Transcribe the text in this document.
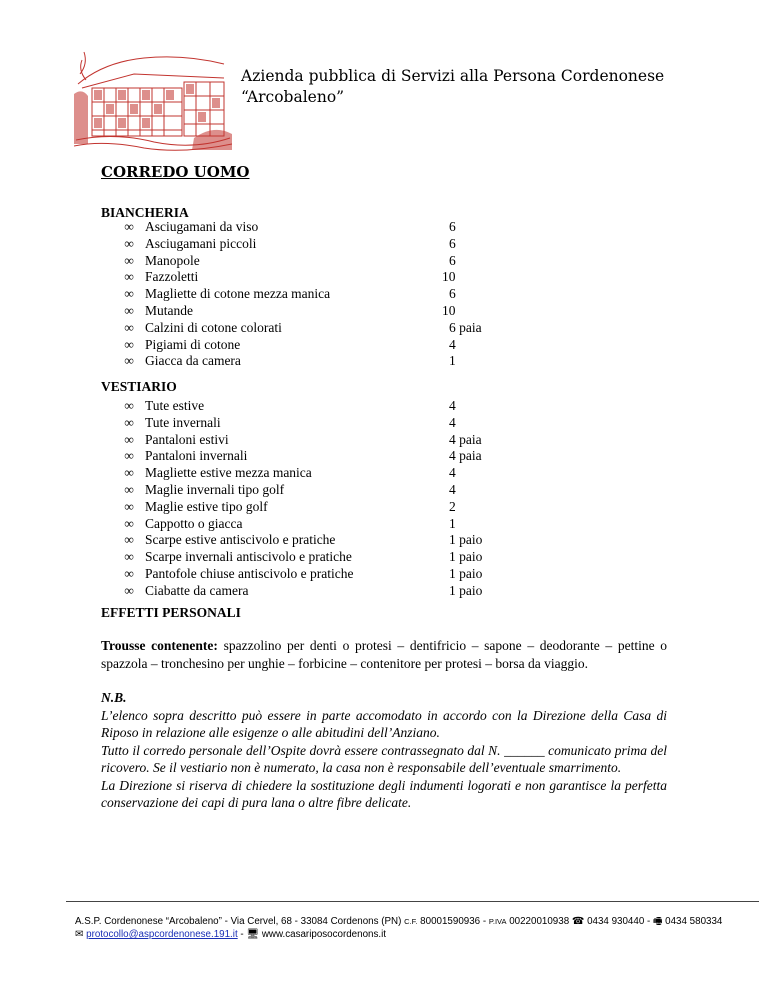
Azienda pubblica di Servizi alla Persona Cordenonese
“Arcobaleno”
CORREDO UOMO
BIANCHERIA
∞ Asciugamani da viso	6
∞ Asciugamani piccoli	6
∞ Manopole	6
∞ Fazzoletti	10
∞ Magliette di cotone mezza manica	6
∞ Mutande	10
∞ Calzini di cotone colorati	6 paia
∞ Pigiami di cotone	4
∞ Giacca da camera	1
VESTIARIO
∞ Tute estive	4
∞ Tute invernali	4
∞ Pantaloni estivi	4 paia
∞ Pantaloni invernali	4 paia
∞ Magliette estive mezza manica	4
∞ Maglie invernali tipo golf	4
∞ Maglie estive tipo golf	2
∞ Cappotto o giacca	1
∞ Scarpe estive antiscivolo e pratiche	1 paio
∞ Scarpe invernali antiscivolo e pratiche	1 paio
∞ Pantofole chiuse antiscivolo e pratiche	1 paio
∞ Ciabatte da camera	1 paio
EFFETTI PERSONALI
Trousse contenente: spazzolino per denti o protesi – dentifricio – sapone – deodorante – pettine o spazzola – tronchesino per unghie – forbicine – contenitore per protesi – borsa da viaggio.
N.B.
L’elenco sopra descritto può essere in parte accomodato in accordo con la Direzione della Casa di Riposo in relazione alle esigenze o alle abitudini dell’Anziano.
Tutto il corredo personale dell’Ospite dovrà essere contrassegnato dal N. ______ comunicato prima del ricovero. Se il vestiario non è numerato, la casa non è responsabile dell’eventuale smarrimento.
La Direzione si riserva di chiedere la sostituzione degli indumenti logorati e non garantisce la perfetta conservazione dei capi di pura lana o altre fibre delicate.
A.S.P. Cordenonese “Arcobaleno” - Via Cervel, 68 - 33084 Cordenons (PN) C.F. 80001590936 - P.IVA 00220010938 ☎ 0434 930440 - 🖷 0434 580334
✉ protocollo@aspcordenonese.191.it - 🖥 www.casariposocordenons.it
